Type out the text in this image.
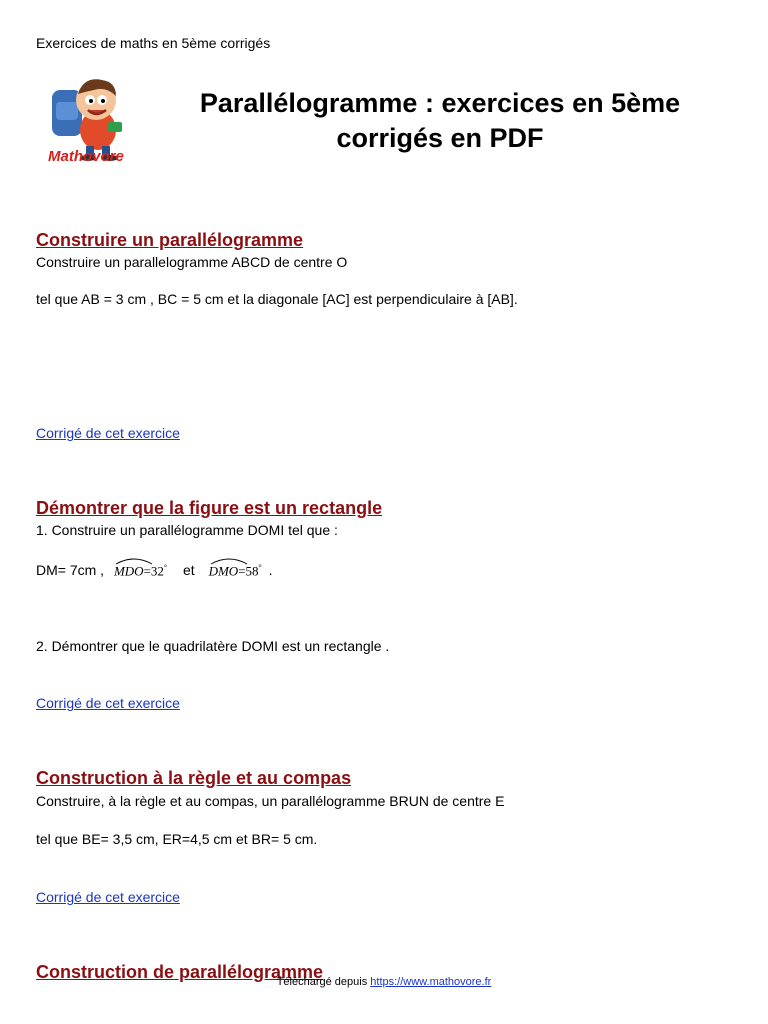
Exercices de maths en 5ème corrigés
Mathovore
Parallélogramme : exercices en 5ème
corrigés en PDF
Construire un parallélogramme
Construire un parallelogramme ABCD de centre O
tel que AB = 3 cm , BC = 5 cm et la diagonale [AC] est perpendiculaire à [AB].
Corrigé de cet exercice
Démontrer que la figure est un rectangle
1. Construire un parallélogramme DOMI tel que :
DM= 7cm , MDO=32° et DMO=58° .
2. Démontrer que le quadrilatère DOMI est un rectangle .
Corrigé de cet exercice
Construction à la règle et au compas
Construire, à la règle et au compas, un parallélogramme BRUN de centre E
tel que BE= 3,5 cm, ER=4,5 cm et BR= 5 cm.
Corrigé de cet exercice
Construction de parallélogramme
Téléchargé depuis https://www.mathovore.fr
